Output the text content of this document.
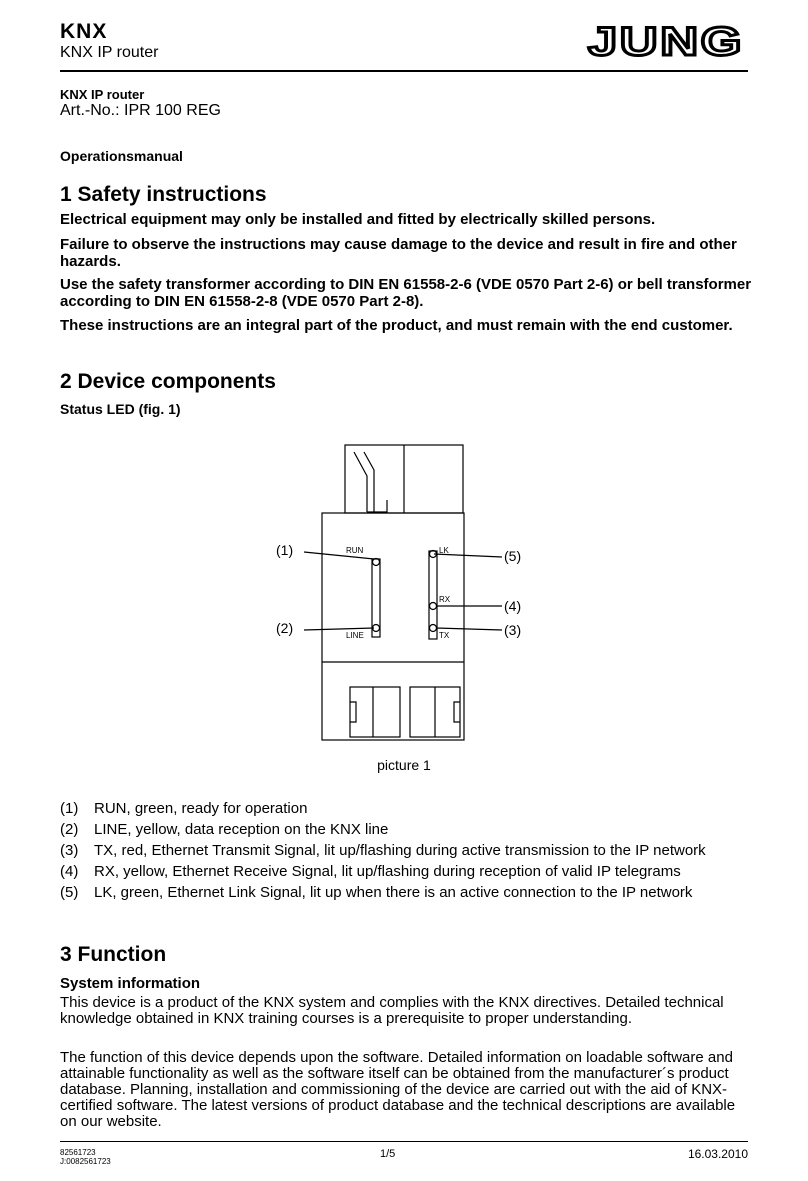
KNX
KNX IP router	JUNG

KNX IP router

Art.-No.: IPR 100 REG

Operationsmanual

1 Safety instructions

Electrical equipment may only be installed and fitted by electrically skilled persons.

Failure to observe the instructions may cause damage to the device and result in fire and other hazards.

Use the safety transformer according to DIN EN 61558-2-6 (VDE 0570 Part 2-6) or bell transformer according to DIN EN 61558-2-8 (VDE 0570 Part 2-8).

These instructions are an integral part of the product, and must remain with the end customer.

2 Device components

Status LED (fig. 1)

(1)
(2)
(5)
(4)
(3)
RUN
LINE
LK
RX
TX
picture 1
(1)	RUN, green, ready for operation
(2)	LINE, yellow, data reception on the KNX line
(3)	TX, red, Ethernet Transmit Signal, lit up/flashing during active transmission to the IP network
(4)	RX, yellow, Ethernet Receive Signal, lit up/flashing during reception of valid IP telegrams
(5)	LK, green, Ethernet Link Signal, lit up when there is an active connection to the IP network
3 Function

System information

This device is a product of the KNX system and complies with the KNX directives. Detailed technical knowledge obtained in KNX training courses is a prerequisite to proper understanding.

The function of this device depends upon the software. Detailed information on loadable software and attainable functionality as well as the software itself can be obtained from the manufacturer´s product database. Planning, installation and commissioning of the device are carried out with the aid of KNX-certified software. The latest versions of product database and the technical descriptions are available on our website.

82561723
J:0082561723
1/5	16.03.2010
